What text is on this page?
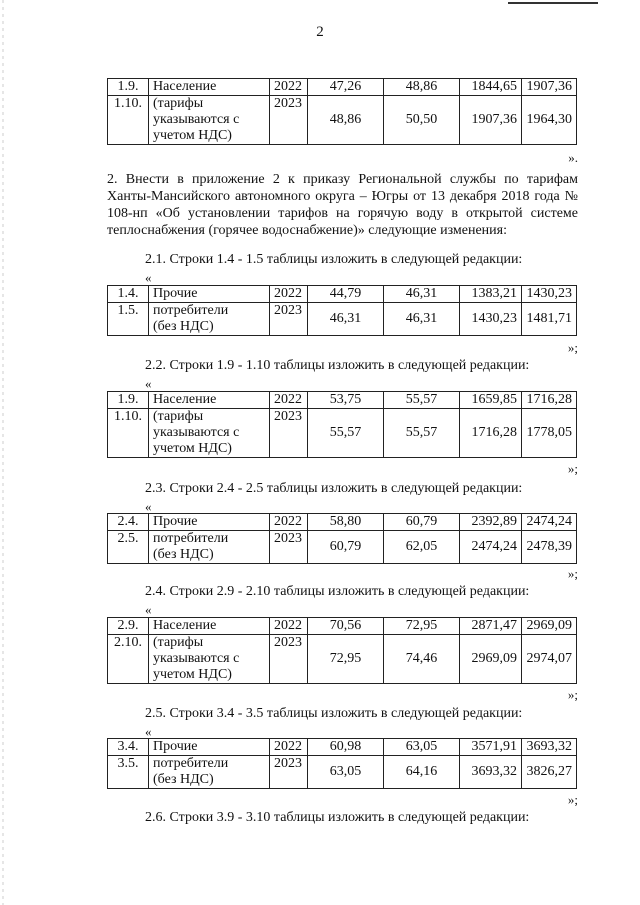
2
1.9.	Население	2022	47,26	48,86	1844,65	1907,36
1.10.	(тарифы
указываются с
учетом НДС)	2023	48,86	50,50	1907,36	1964,30
».
2. Внести в приложение 2 к приказу Региональной службы по тарифам Ханты-Мансийского автономного округа – Югры от 13 декабря 2018 года № 108-нп «Об установлении тарифов на горячую воду в открытой системе теплоснабжения (горячее водоснабжение)» следующие изменения:
2.1. Строки 1.4 - 1.5 таблицы изложить в следующей редакции:
«
1.4.	Прочие	2022	44,79	46,31	1383,21	1430,23
1.5.	потребители
(без НДС)	2023	46,31	46,31	1430,23	1481,71
»;
2.2. Строки 1.9 - 1.10 таблицы изложить в следующей редакции:
«
1.9.	Население	2022	53,75	55,57	1659,85	1716,28
1.10.	(тарифы
указываются с
учетом НДС)	2023	55,57	55,57	1716,28	1778,05
»;
2.3. Строки 2.4 - 2.5 таблицы изложить в следующей редакции:
«
2.4.	Прочие	2022	58,80	60,79	2392,89	2474,24
2.5.	потребители
(без НДС)	2023	60,79	62,05	2474,24	2478,39
»;
2.4. Строки 2.9 - 2.10 таблицы изложить в следующей редакции:
«
2.9.	Население	2022	70,56	72,95	2871,47	2969,09
2.10.	(тарифы
указываются с
учетом НДС)	2023	72,95	74,46	2969,09	2974,07
»;
2.5. Строки 3.4 - 3.5 таблицы изложить в следующей редакции:
«
3.4.	Прочие	2022	60,98	63,05	3571,91	3693,32
3.5.	потребители
(без НДС)	2023	63,05	64,16	3693,32	3826,27
»;
2.6. Строки 3.9 - 3.10 таблицы изложить в следующей редакции:
